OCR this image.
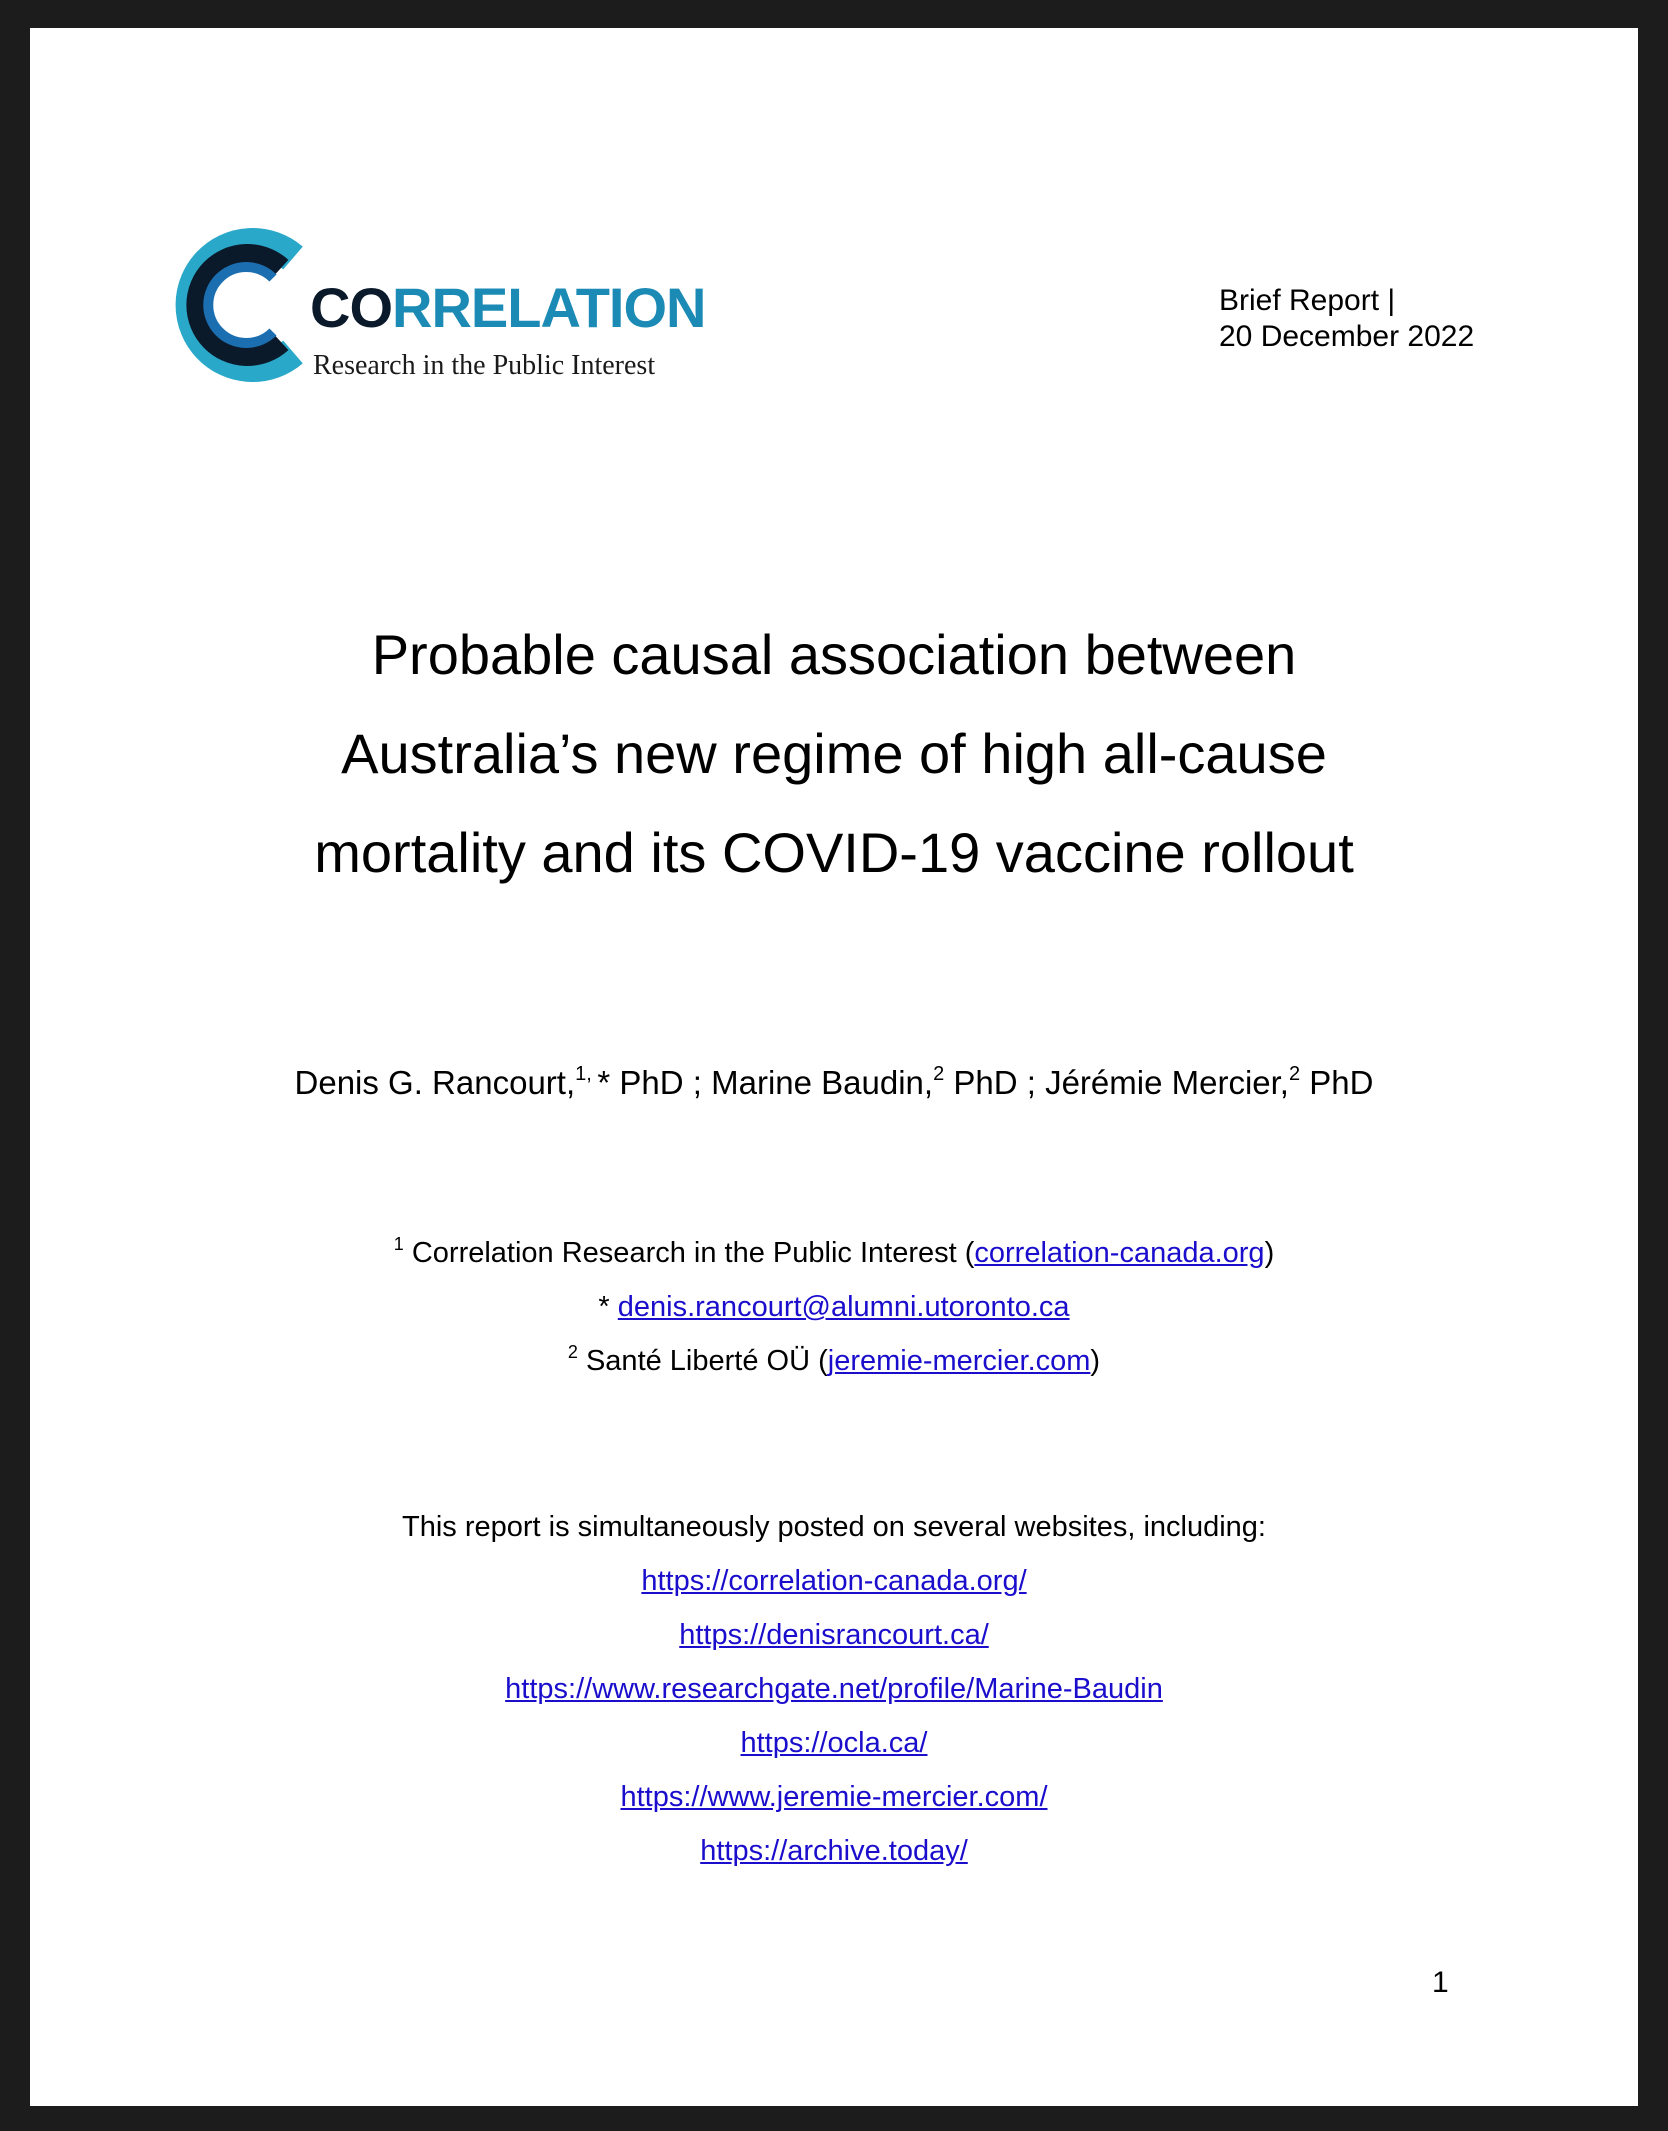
CORRELATION
Research in the Public Interest
Brief Report |
20 December 2022
Probable causal association between
Australia’s new regime of high all-cause
mortality and its COVID-19 vaccine rollout
Denis G. Rancourt,$^{1,}$ * PhD ; Marine Baudin,$^2$ PhD ; Jérémie Mercier,$^2$ PhD
$^1$ Correlation Research in the Public Interest (correlation-canada.org)
* denis.rancourt@alumni.utoronto.ca
$^2$ Santé Liberté OÜ (jeremie-mercier.com)
This report is simultaneously posted on several websites, including:
https://correlation-canada.org/
https://denisrancourt.ca/
https://www.researchgate.net/profile/Marine-Baudin
https://ocla.ca/
https://www.jeremie-mercier.com/
https://archive.today/
1
